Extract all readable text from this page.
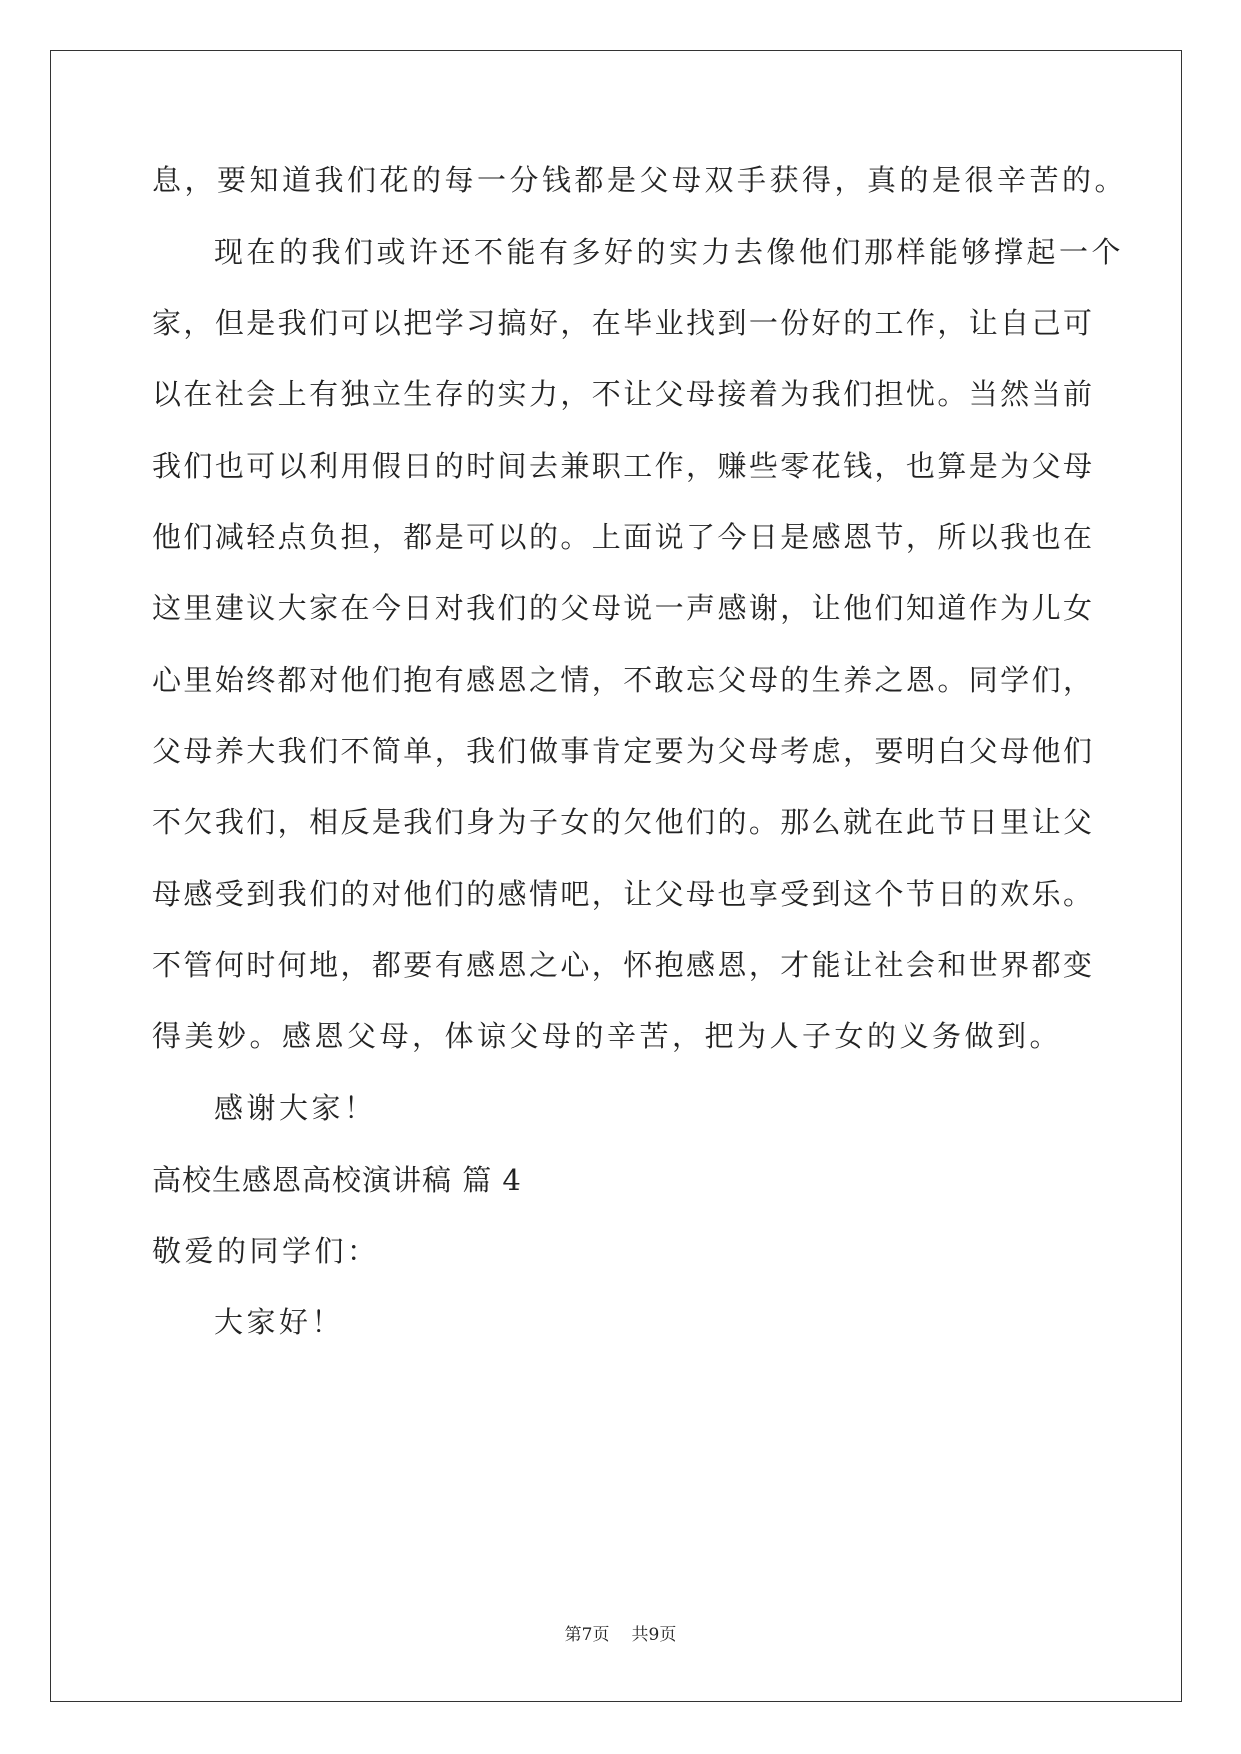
息，要知道我们花的每一分钱都是父母双手获得，真的是很辛苦的。
现在的我们或许还不能有多好的实力去像他们那样能够撑起一个
家，但是我们可以把学习搞好，在毕业找到一份好的工作，让自己可
以在社会上有独立生存的实力，不让父母接着为我们担忧。当然当前
我们也可以利用假日的时间去兼职工作，赚些零花钱，也算是为父母
他们减轻点负担，都是可以的。上面说了今日是感恩节，所以我也在
这里建议大家在今日对我们的父母说一声感谢，让他们知道作为儿女
心里始终都对他们抱有感恩之情，不敢忘父母的生养之恩。同学们，
父母养大我们不简单，我们做事肯定要为父母考虑，要明白父母他们
不欠我们，相反是我们身为子女的欠他们的。那么就在此节日里让父
母感受到我们的对他们的感情吧，让父母也享受到这个节日的欢乐。
不管何时何地，都要有感恩之心，怀抱感恩，才能让社会和世界都变
得美妙。感恩父母，体谅父母的辛苦，把为人子女的义务做到。
感谢大家！
高校生感恩高校演讲稿 篇 4
敬爱的同学们：
大家好！
第7页 共9页
